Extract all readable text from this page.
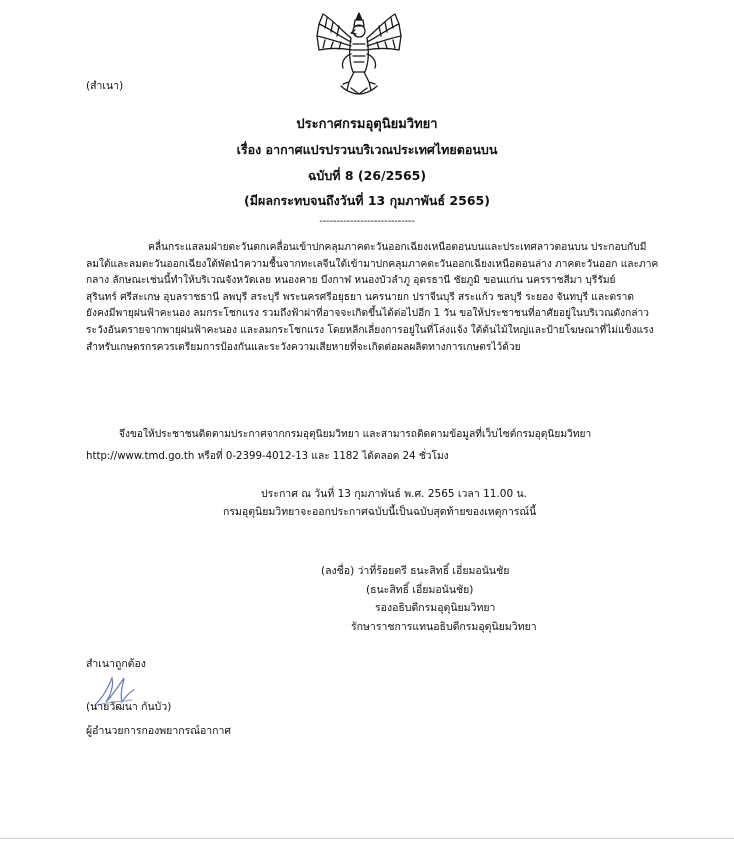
(สำเนา)
ประกาศกรมอุตุนิยมวิทยา
เรื่อง อากาศแปรปรวนบริเวณประเทศไทยตอนบน
ฉบับที่ 8 (26/2565)
(มีผลกระทบจนถึงวันที่ 13 กุมภาพันธ์ 2565)
----------------------------
คลื่นกระแสลมฝ่ายตะวันตกเคลื่อนเข้าปกคลุมภาคตะวันออกเฉียงเหนือตอนบนและประเทศลาวตอนบน ประกอบกับมี
ลมใต้และลมตะวันออกเฉียงใต้พัดนำความชื้นจากทะเลจีนใต้เข้ามาปกคลุมภาคตะวันออกเฉียงเหนือตอนล่าง ภาคตะวันออก และภาค
กลาง ลักษณะเช่นนี้ทำให้บริเวณจังหวัดเลย หนองคาย บึงกาฬ หนองบัวลำภู อุดรธานี ชัยภูมิ ขอนแก่น นครราชสีมา บุรีรัมย์
สุรินทร์ ศรีสะเกษ อุบลราชธานี ลพบุรี สระบุรี พระนครศรีอยุธยา นครนายก ปราจีนบุรี สระแก้ว ชลบุรี ระยอง จันทบุรี และตราด
ยังคงมีพายุฝนฟ้าคะนอง ลมกระโชกแรง รวมถึงฟ้าผ่าที่อาจจะเกิดขึ้นได้ต่อไปอีก 1 วัน ขอให้ประชาชนที่อาศัยอยู่ในบริเวณดังกล่าว
ระวังอันตรายจากพายุฝนฟ้าคะนอง และลมกระโชกแรง โดยหลีกเลี่ยงการอยู่ในที่โล่งแจ้ง ใต้ต้นไม้ใหญ่และป้ายโฆษณาที่ไม่แข็งแรง
สำหรับเกษตรกรควรเตรียมการป้องกันและระวังความเสียหายที่จะเกิดต่อผลผลิตทางการเกษตรไว้ด้วย
จึงขอให้ประชาชนติดตามประกาศจากกรมอุตุนิยมวิทยา และสามารถติดตามข้อมูลที่เว็บไซต์กรมอุตุนิยมวิทยา
http://www.tmd.go.th หรือที่ 0-2399-4012-13 และ 1182 ได้ตลอด 24 ชั่วโมง
ประกาศ ณ วันที่ 13 กุมภาพันธ์ พ.ศ. 2565 เวลา 11.00 น.
กรมอุตุนิยมวิทยาจะออกประกาศฉบับนี้เป็นฉบับสุดท้ายของเหตุการณ์นี้
(ลงชื่อ) ว่าที่ร้อยตรี ธนะสิทธิ์ เอี่ยมอนันชัย
(ธนะสิทธิ์ เอี่ยมอนันชัย)
รองอธิบดีกรมอุตุนิยมวิทยา
รักษาราชการแทนอธิบดีกรมอุตุนิยมวิทยา
สำเนาถูกต้อง
(นายวัฒนา กันบัว)
ผู้อำนวยการกองพยากรณ์อากาศ
